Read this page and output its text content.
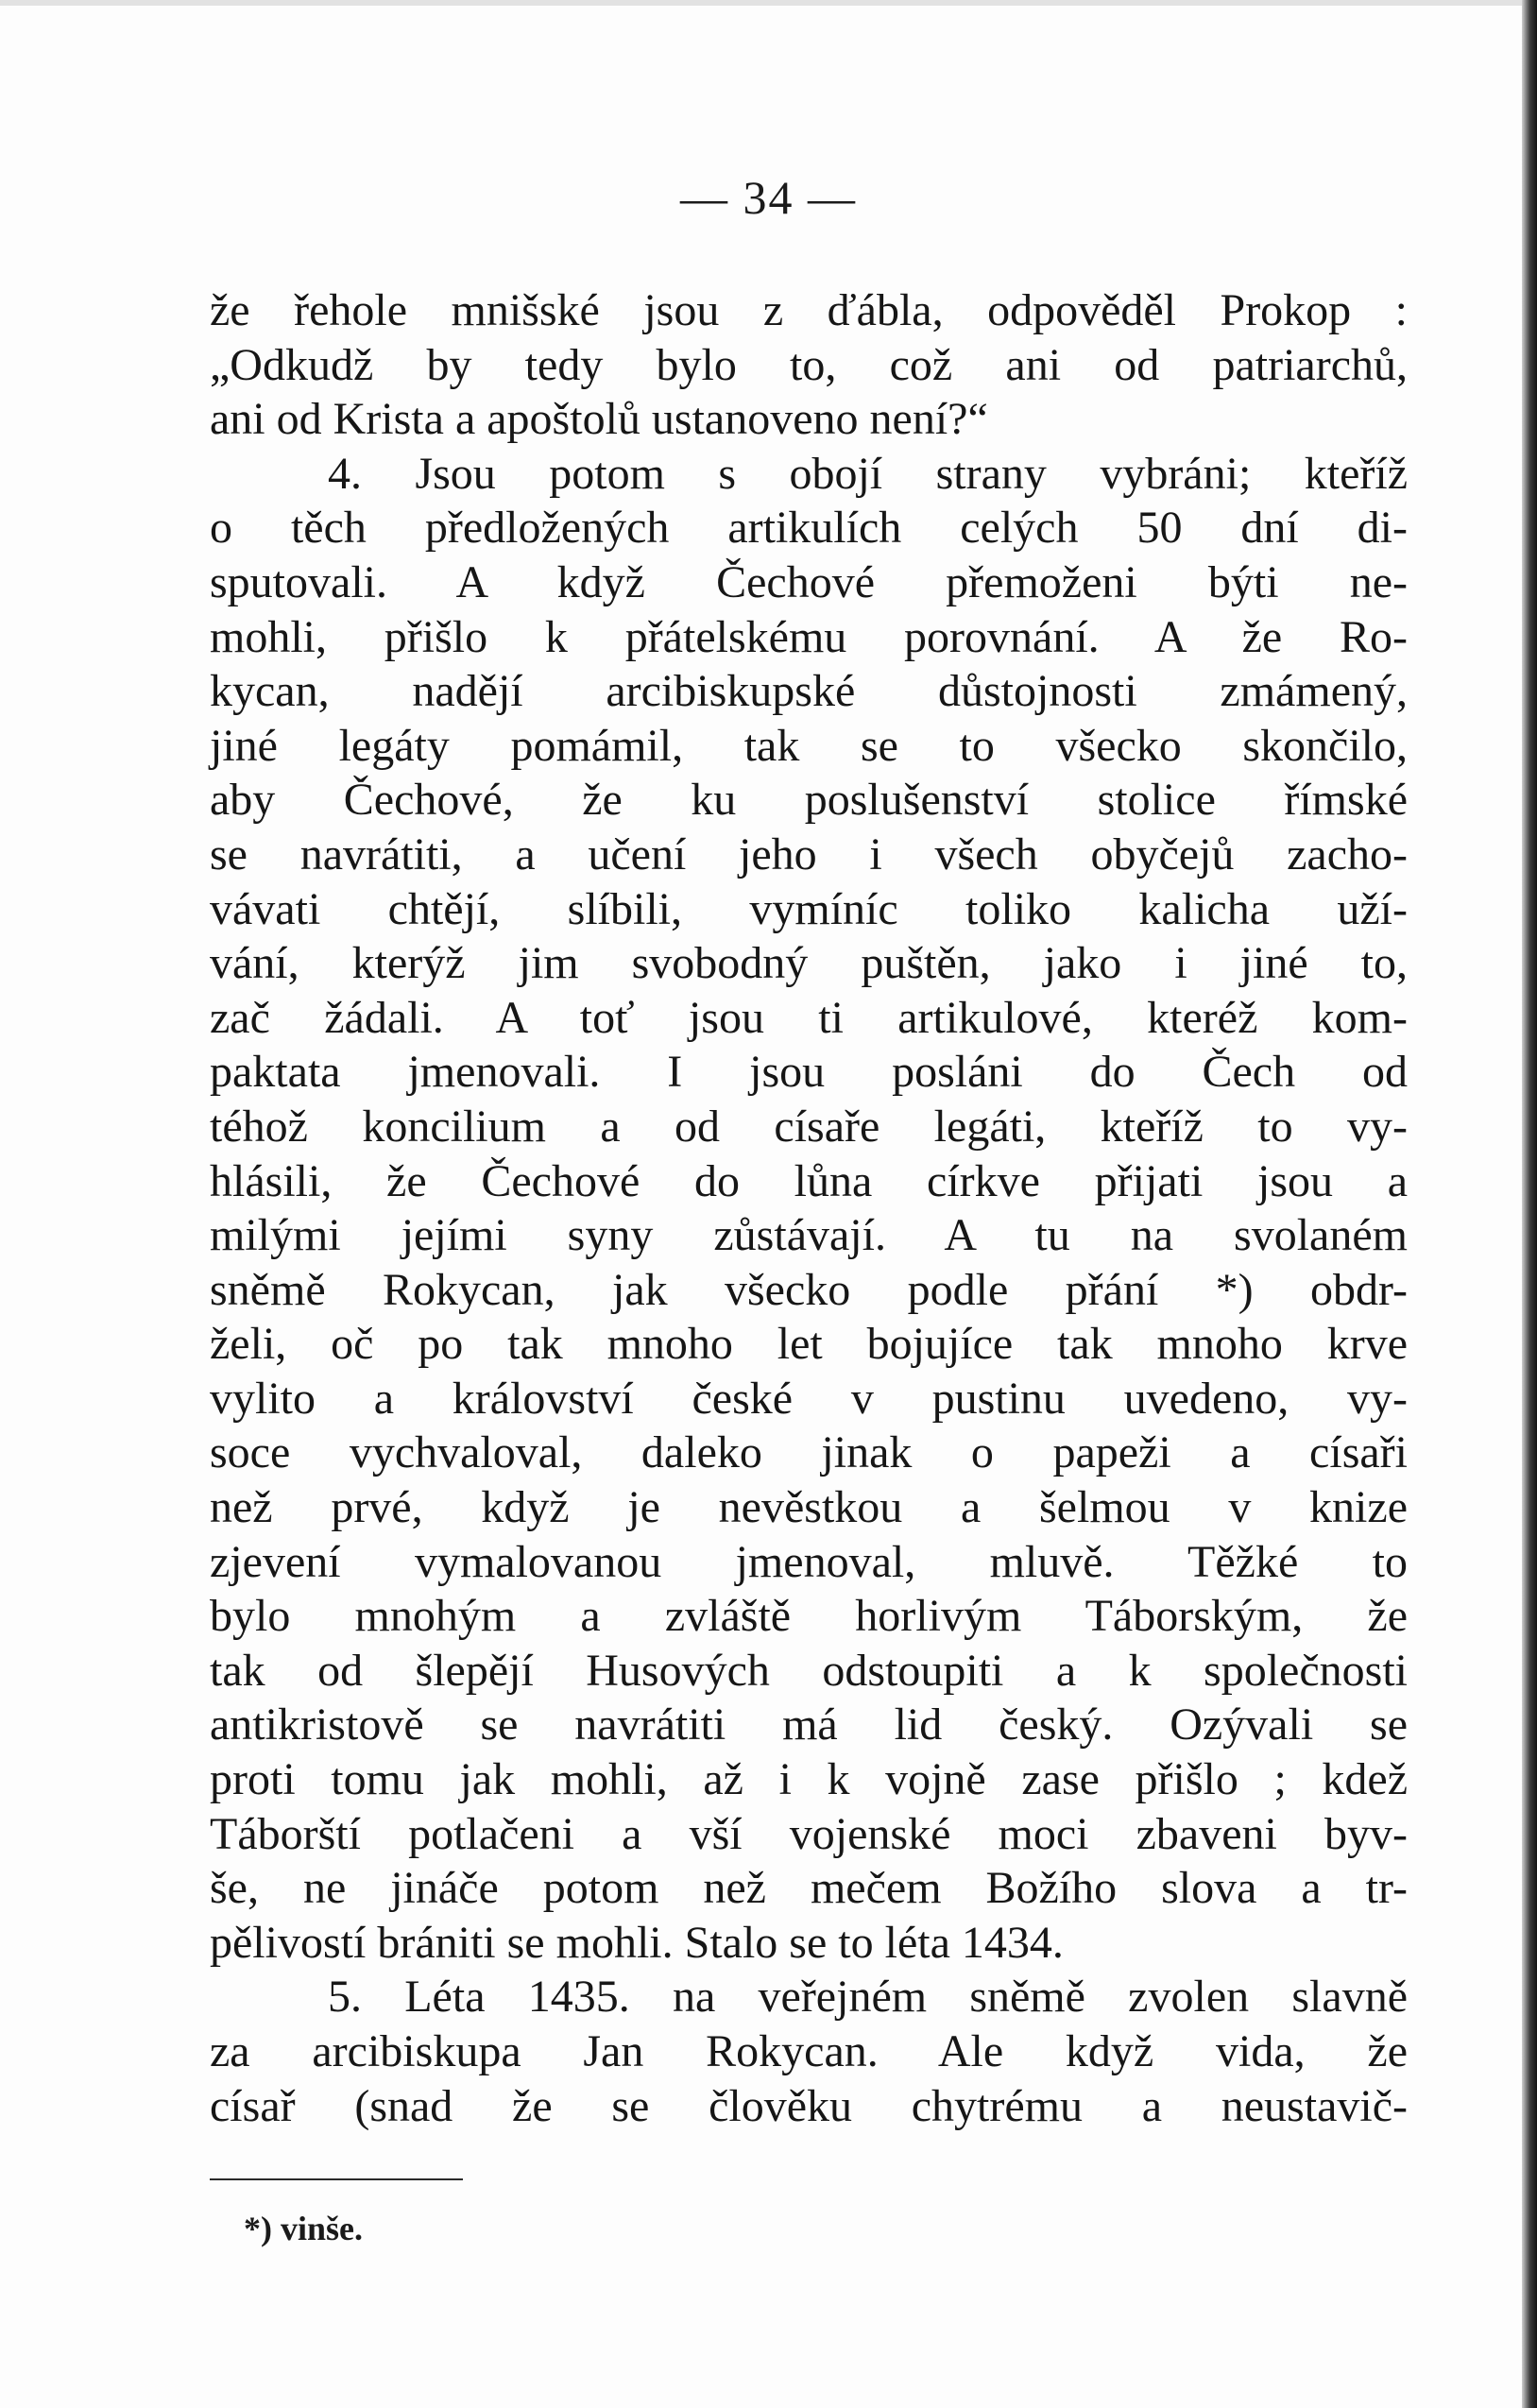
— 34 —
že řehole mnišské jsou z ďábla, odpověděl Prokop :
„Odkudž by tedy bylo to, což ani od patriarchů,
ani od Krista a apoštolů ustanoveno není?“
4. Jsou potom s obojí strany vybráni; kteříž
o těch předložených artikulích celých 50 dní di-
sputovali. A když Čechové přemoženi býti ne-
mohli, přišlo k přátelskému porovnání. A že Ro-
kycan, nadějí arcibiskupské důstojnosti zmámený,
jiné legáty pomámil, tak se to všecko skončilo,
aby Čechové, že ku poslušenství stolice římské
se navrátiti, a učení jeho i všech obyčejů zacho-
vávati chtějí, slíbili, vymíníc toliko kalicha uží-
vání, kterýž jim svobodný puštěn, jako i jiné to,
zač žádali. A toť jsou ti artikulové, kteréž kom-
paktata jmenovali. I jsou posláni do Čech od
téhož koncilium a od císaře legáti, kteříž to vy-
hlásili, že Čechové do lůna církve přijati jsou a
milými jejími syny zůstávají. A tu na svolaném
sněmě Rokycan, jak všecko podle přání *) obdr-
želi, oč po tak mnoho let bojujíce tak mnoho krve
vylito a království české v pustinu uvedeno, vy-
soce vychvaloval, daleko jinak o papeži a císaři
než prvé, když je nevěstkou a šelmou v knize
zjevení vymalovanou jmenoval, mluvě. Těžké to
bylo mnohým a zvláště horlivým Táborským, že
tak od šlepějí Husových odstoupiti a k společnosti
antikristově se navrátiti má lid český. Ozývali se
proti tomu jak mohli, až i k vojně zase přišlo ; kdež
Táborští potlačeni a vší vojenské moci zbaveni byv-
še, ne jináče potom než mečem Božího slova a tr-
pělivostí brániti se mohli. Stalo se to léta 1434.
5. Léta 1435. na veřejném sněmě zvolen slavně
za arcibiskupa Jan Rokycan. Ale když vida, že
císař (snad že se člověku chytrému a neustavič-
*) vinše.
